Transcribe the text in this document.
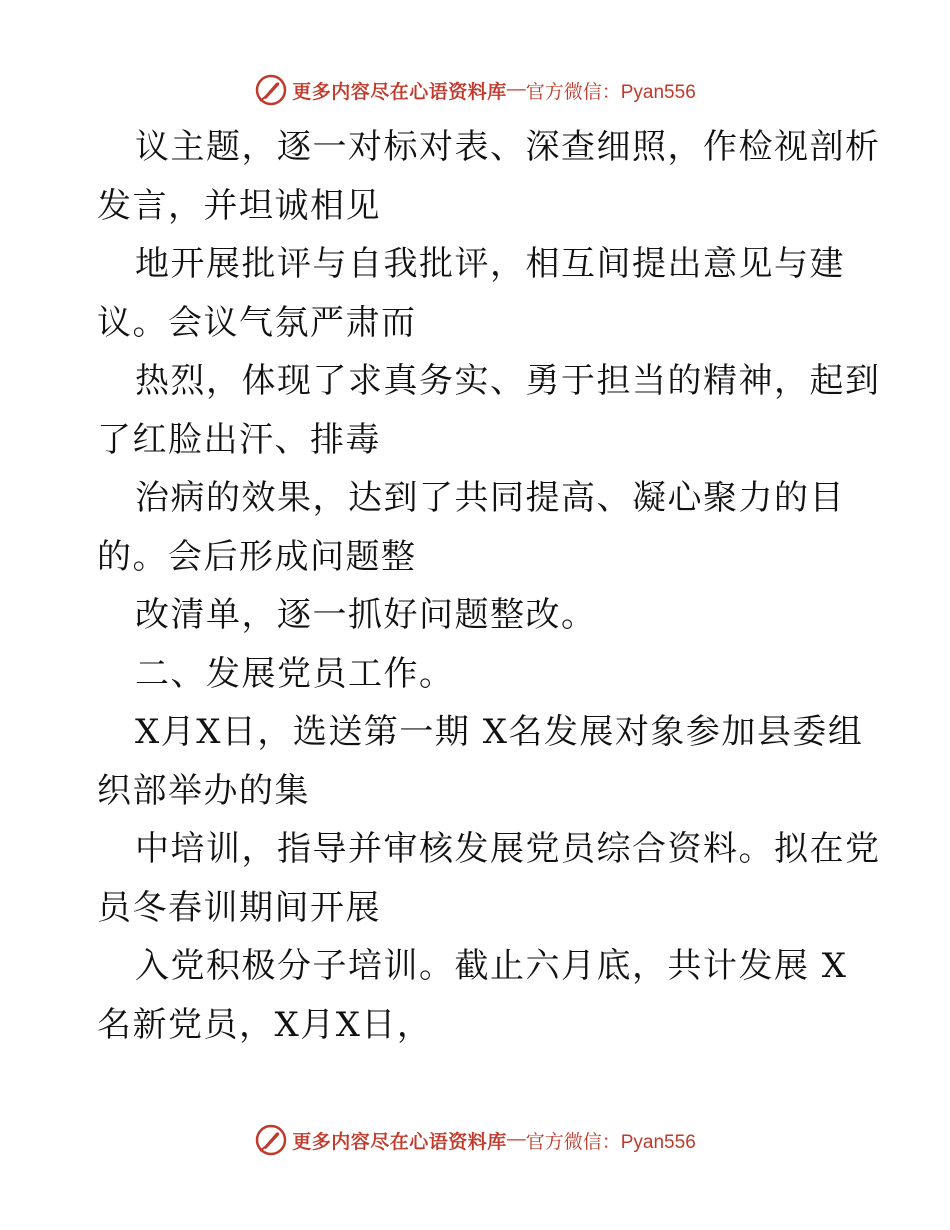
更多内容尽在心语资料库 — 官方微信：Pyan556
议主题，逐一对标对表、深查细照，作检视剖析
发言，并坦诚相见
地开展批评与自我批评，相互间提出意见与建
议。会议气氛严肃而
热烈，体现了求真务实、勇于担当的精神，起到
了红脸出汗、排毒
治病的效果，达到了共同提高、凝心聚力的目
的。会后形成问题整
改清单，逐一抓好问题整改。
二、发展党员工作。
X月X日，选送第一期 X名发展对象参加县委组
织部举办的集
中培训，指导并审核发展党员综合资料。拟在党
员冬春训期间开展
入党积极分子培训。截止六月底，共计发展 X
名新党员，X月X日，
更多内容尽在心语资料库 — 官方微信：Pyan556
